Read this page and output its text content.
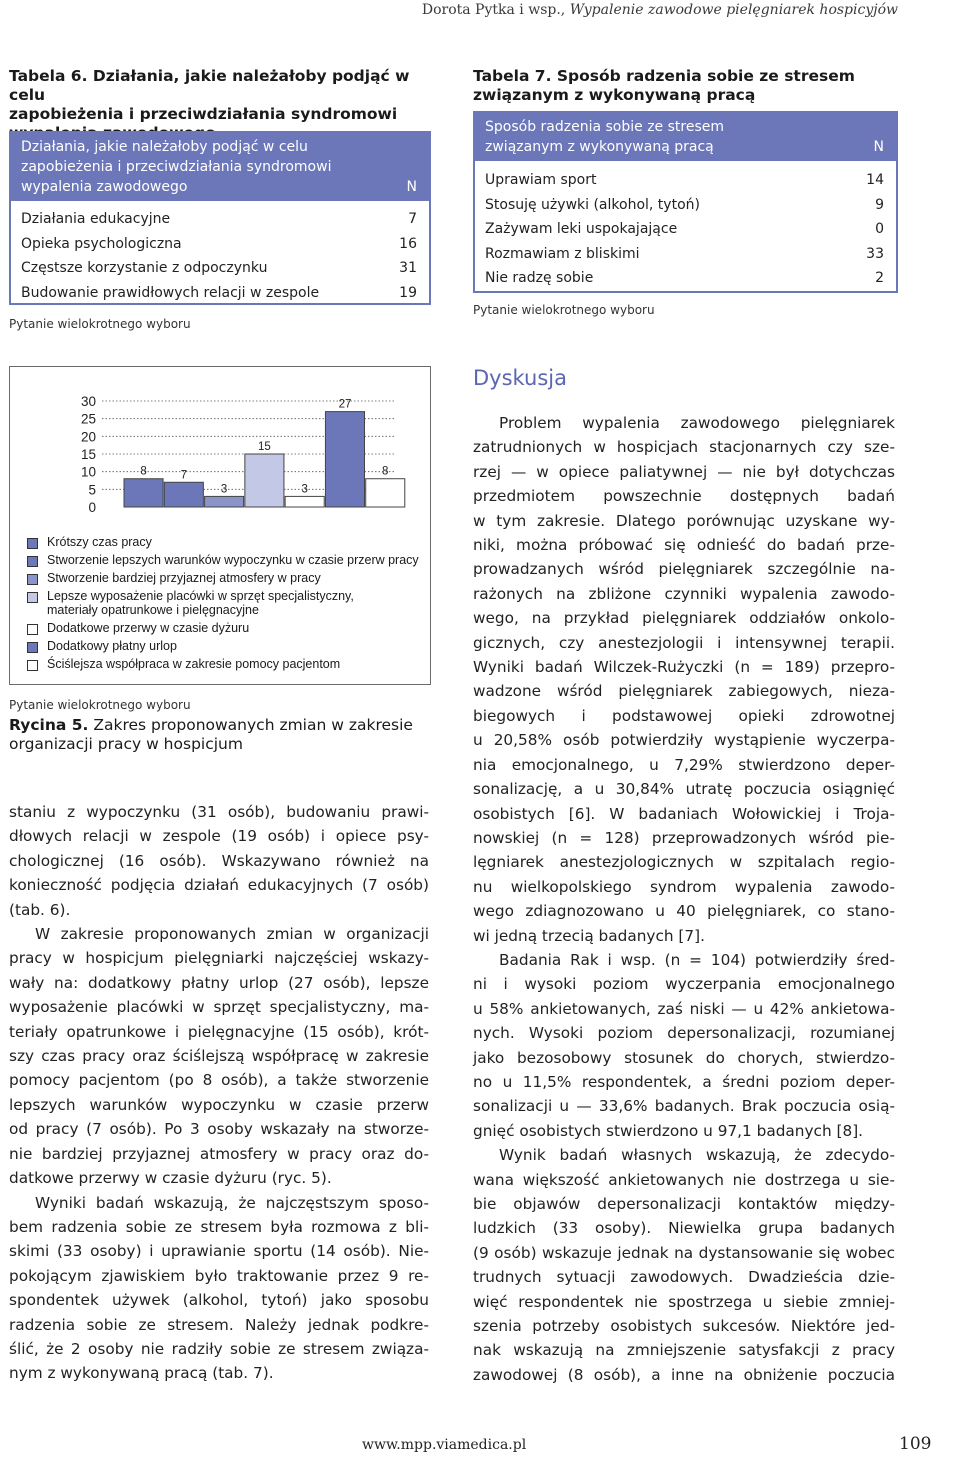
Dorota Pytka i wsp., Wypalenie zawodowe pielęgniarek hospicyjów
Tabela 6. Działania, jakie należałoby podjąć w celu
zapobieżenia i przeciwdziałania syndromowi
Działania, jakie należałoby podjąć w celu
zapobieżenia i przeciwdziałania syndromowi
wypalenia zawodowego	N
Działania edukacyjne	7
Opieka psychologiczna	16
Częstsze korzystanie z odpoczynku	31
Budowanie prawidłowych relacji w zespole	19
Pytanie wielokrotnego wyboru
Tabela 7. Sposób radzenia sobie ze stresem
związanym z wykonywaną pracą
Sposób radzenia sobie ze stresem
związanym z wykonywaną pracą	N
Uprawiam sport	14
Stosuję używki (alkohol, tytoń)	9
Zażywam leki uspokajające	0
Rozmawiam z bliskimi	33
Nie radzę sobie	2
Pytanie wielokrotnego wyboru
30
25
20
15
10
5
0
8	7
3
15
3
27
8
Krótszy czas pracy
Stworzenie lepszych warunków wypoczynku w czasie przerw pracy
Stworzenie bardziej przyjaznej atmosfery w pracy
Lepsze wyposażenie placówki w sprzęt specjalistyczny,
materiały opatrunkowe i pielęgnacyjne
Dodatkowe przerwy w czasie dyżuru
Dodatkowy płatny urlop
Ściślejsza współpraca w zakresie pomocy pacjentom
Pytanie wielokrotnego wyboru
Rycina 5. Zakres proponowanych zmian w zakresie
organizacji pracy w hospicjum
staniu z wypoczynku (31 osób), budowaniu prawi-
dłowych relacji w zespole (19 osób) i opiece psy-
chologicznej (16 osób). Wskazywano również na
konieczność podjęcia działań edukacyjnych (7 osób)
(tab. 6).
W zakresie proponowanych zmian w organizacji
pracy w hospicjum pielęgniarki najczęściej wskazy-
wały na: dodatkowy płatny urlop (27 osób), lepsze
wyposażenie placówki w sprzęt specjalistyczny, ma-
teriały opatrunkowe i pielęgnacyjne (15 osób), krót-
szy czas pracy oraz ściślejszą współpracę w zakresie
pomocy pacjentom (po 8 osób), a także stworzenie
lepszych warunków wypoczynku w czasie przerw
od pracy (7 osób). Po 3 osoby wskazały na stworze-
nie bardziej przyjaznej atmosfery w pracy oraz do-
datkowe przerwy w czasie dyżuru (ryc. 5).
Wyniki badań wskazują, że najczęstszym sposo-
bem radzenia sobie ze stresem była rozmowa z bli-
skimi (33 osoby) i uprawianie sportu (14 osób). Nie-
pokojącym zjawiskiem było traktowanie przez 9 re-
spondentek używek (alkohol, tytoń) jako sposobu
radzenia sobie ze stresem. Należy jednak podkre-
ślić, że 2 osoby nie radziły sobie ze stresem związa-
nym z wykonywaną pracą (tab. 7).
Dyskusja
Problem wypalenia zawodowego pielęgniarek
zatrudnionych w hospicjach stacjonarnych czy sze-
rzej — w opiece paliatywnej — nie był dotychczas
przedmiotem powszechnie dostępnych badań
w tym zakresie. Dlatego porównując uzyskane wy-
niki, można próbować się odnieść do badań prze-
prowadzanych wśród pielęgniarek szczególnie na-
rażonych na zbliżone czynniki wypalenia zawodo-
wego, na przykład pielęgniarek oddziałów onkolo-
gicznych, czy anestezjologii i intensywnej terapii.
Wyniki badań Wilczek-Rużyczki (n = 189) przepro-
wadzone wśród pielęgniarek zabiegowych, nieza-
biegowych i podstawowej opieki zdrowotnej
u 20,58% osób potwierdziły wystąpienie wyczerpa-
nia emocjonalnego, u 7,29% stwierdzono deper-
sonalizację, a u 30,84% utratę poczucia osiągnięć
osobistych [6]. W badaniach Wołowickiej i Troja-
nowskiej (n = 128) przeprowadzonych wśród pie-
lęgniarek anestezjologicznych w szpitalach regio-
nu wielkopolskiego syndrom wypalenia zawodo-
wego zdiagnozowano u 40 pielęgniarek, co stano-
wi jedną trzecią badanych [7].
Badania Rak i wsp. (n = 104) potwierdziły śred-
ni i wysoki poziom wyczerpania emocjonalnego
u 58% ankietowanych, zaś niski — u 42% ankietowa-
nych. Wysoki poziom depersonalizacji, rozumianej
jako bezosobowy stosunek do chorych, stwierdzo-
no u 11,5% respondentek, a średni poziom deper-
sonalizacji u — 33,6% badanych. Brak poczucia osią-
gnięć osobistych stwierdzono u 97,1 badanych [8].
Wynik badań własnych wskazują, że zdecydo-
wana większość ankietowanych nie dostrzega u sie-
bie objawów depersonalizacji kontaktów między-
ludzkich (33 osoby). Niewielka grupa badanych
(9 osób) wskazuje jednak na dystansowanie się wobec
trudnych sytuacji zawodowych. Dwadzieścia dzie-
więć respondentek nie spostrzega u siebie zmniej-
szenia potrzeby osobistych sukcesów. Niektóre jed-
nak wskazują na zmniejszenie satysfakcji z pracy
zawodowej (8 osób), a inne na obniżenie poczucia
www.mpp.viamedica.pl	109
